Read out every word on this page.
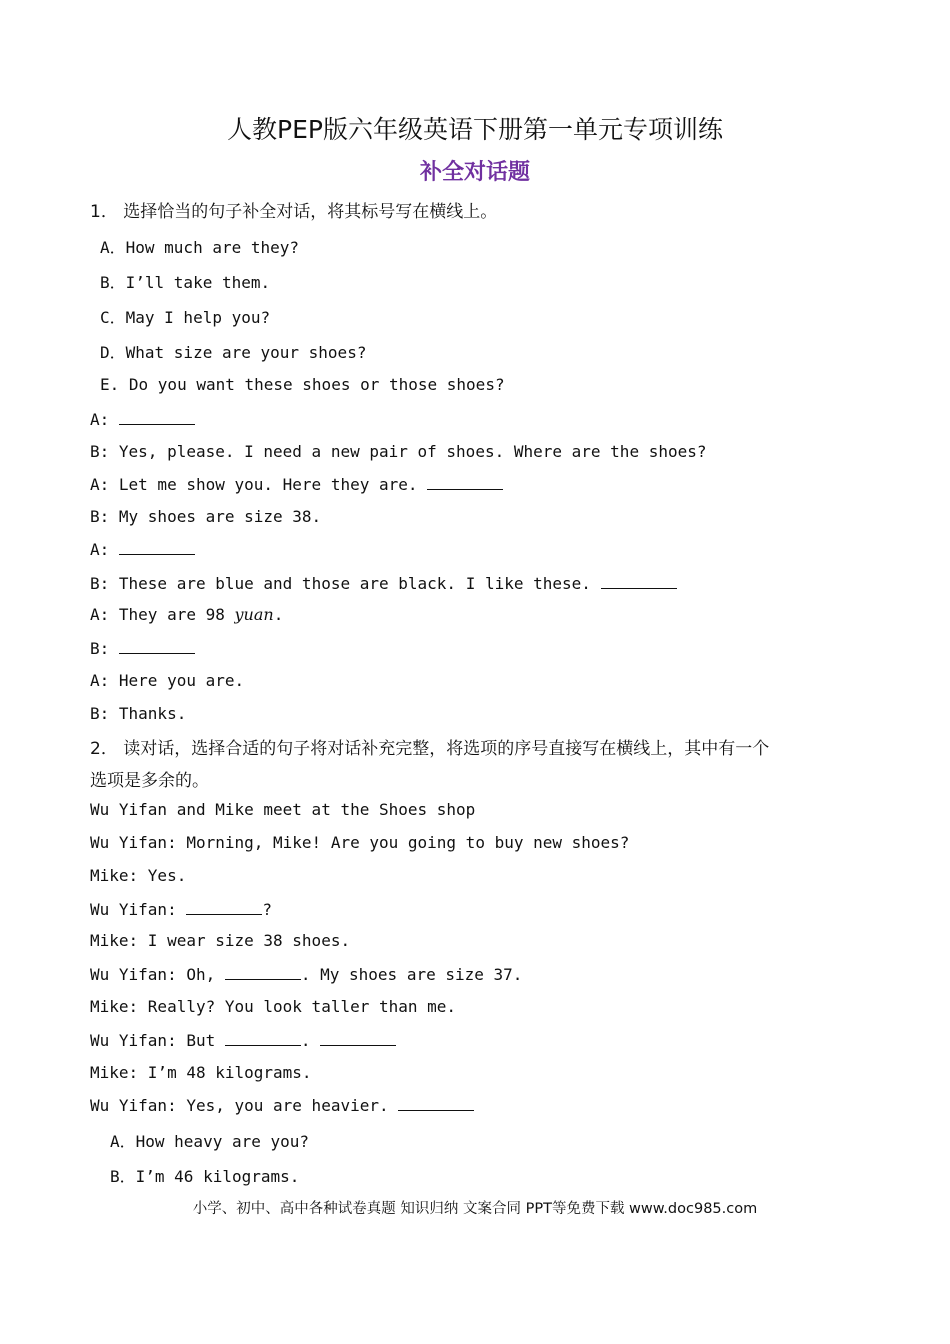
人教PEP版六年级英语下册第一单元专项训练
补全对话题
1． 选择恰当的句子补全对话，将其标号写在横线上。
A．How much are they?
B．I’ll take them.
C．May I help you?
D．What size are your shoes?
E. Do you want these shoes or those shoes?
A:
B: Yes, please. I need a new pair of shoes. Where are the shoes?
A: Let me show you. Here they are.
B: My shoes are size 38.
A:
B: These are blue and those are black. I like these.
A: They are 98 yuan.
B:
A: Here you are.
B: Thanks.
2． 读对话，选择合适的句子将对话补充完整，将选项的序号直接写在横线上，其中有一个
选项是多余的。
Wu Yifan and Mike meet at the Shoes shop
Wu Yifan: Morning, Mike! Are you going to buy new shoes?
Mike: Yes.
Wu Yifan:	?
Mike: I wear size 38 shoes.
Wu Yifan: Oh,	. My shoes are size 37.
Mike: Really? You look taller than me.
Wu Yifan: But	.
Mike: I’m 48 kilograms.
Wu Yifan: Yes, you are heavier.
A．How heavy are you?
B．I’m 46 kilograms.
小学、初中、高中各种试卷真题 知识归纳 文案合同 PPT等免费下载 www.doc985.com
